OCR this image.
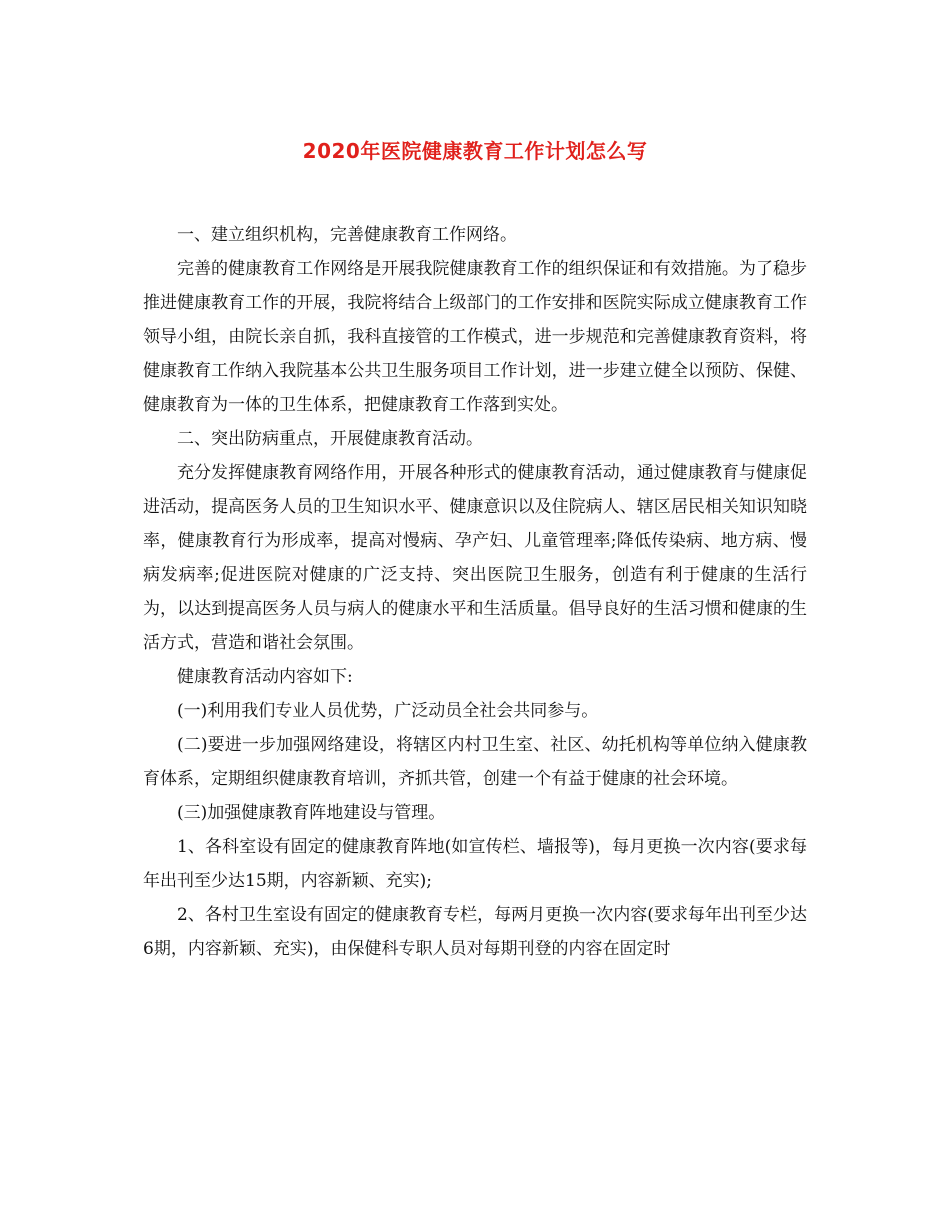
2020年医院健康教育工作计划怎么写

一、建立组织机构，完善健康教育工作网络。

完善的健康教育工作网络是开展我院健康教育工作的组织保证和有效措施。为了稳步推进健康教育工作的开展，我院将结合上级部门的工作安排和医院实际成立健康教育工作领导小组，由院长亲自抓，我科直接管的工作模式，进一步规范和完善健康教育资料，将健康教育工作纳入我院基本公共卫生服务项目工作计划，进一步建立健全以预防、保健、健康教育为一体的卫生体系，把健康教育工作落到实处。

二、突出防病重点，开展健康教育活动。

充分发挥健康教育网络作用，开展各种形式的健康教育活动，通过健康教育与健康促进活动，提高医务人员的卫生知识水平、健康意识以及住院病人、辖区居民相关知识知晓率，健康教育行为形成率，提高对慢病、孕产妇、儿童管理率;降低传染病、地方病、慢病发病率;促进医院对健康的广泛支持、突出医院卫生服务，创造有利于健康的生活行为，以达到提高医务人员与病人的健康水平和生活质量。倡导良好的生活习惯和健康的生活方式，营造和谐社会氛围。

健康教育活动内容如下:

(一)利用我们专业人员优势，广泛动员全社会共同参与。

(二)要进一步加强网络建设，将辖区内村卫生室、社区、幼托机构等单位纳入健康教育体系，定期组织健康教育培训，齐抓共管，创建一个有益于健康的社会环境。

(三)加强健康教育阵地建设与管理。

1、各科室设有固定的健康教育阵地(如宣传栏、墙报等)，每月更换一次内容(要求每年出刊至少达15期，内容新颖、充实);

2、各村卫生室设有固定的健康教育专栏，每两月更换一次内容(要求每年出刊至少达6期，内容新颖、充实)，由保健科专职人员对每期刊登的内容在固定时
